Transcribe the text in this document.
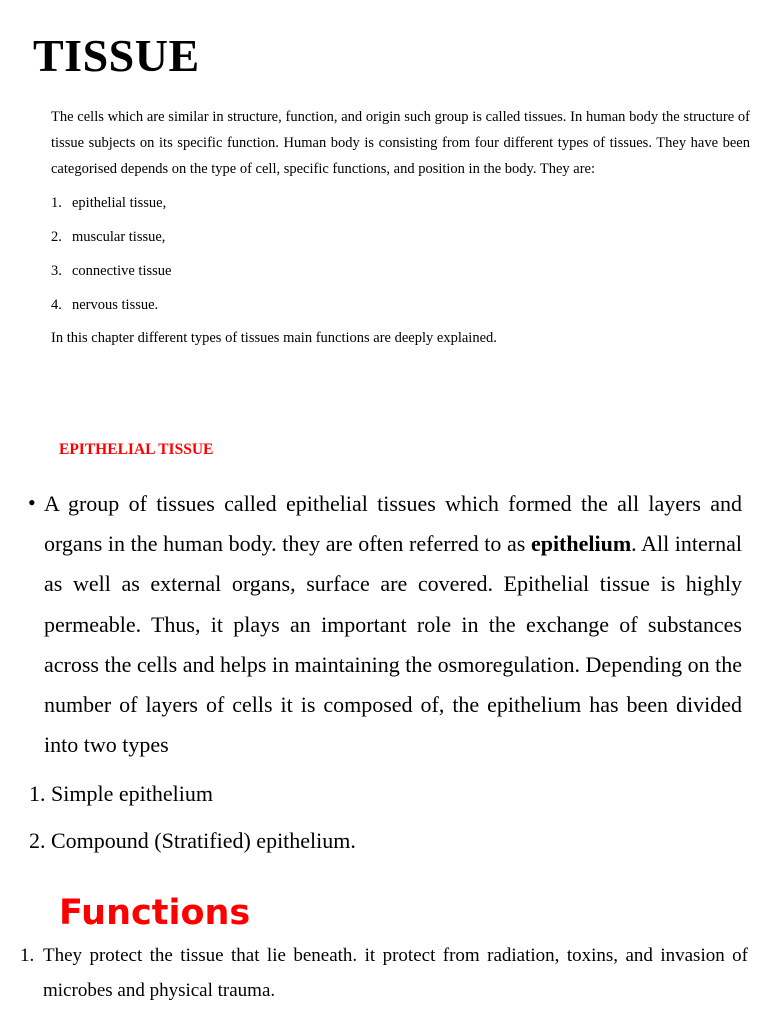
TISSUE

The cells which are similar in structure, function, and origin such group is called tissues. In human body the structure of tissue subjects on its specific function. Human body is consisting from four different types of tissues. They have been categorised depends on the type of cell, specific functions, and position in the body. They are:

1. epithelial tissue,
2. muscular tissue,
3. connective tissue
4. nervous tissue.

In this chapter different types of tissues main functions are deeply explained.

EPITHELIAL TISSUE
• A group of tissues called epithelial tissues which formed the all layers and organs in the human body. they are often referred to as epithelium. All internal as well as external organs, surface are covered. Epithelial tissue is highly permeable. Thus, it plays an important role in the exchange of substances across the cells and helps in maintaining the osmoregulation. Depending on the number of layers of cells it is composed of, the epithelium has been divided into two types

1. Simple epithelium
2. Compound (Stratified) epithelium.
Functions
1. They protect the tissue that lie beneath. it protect from radiation, toxins, and invasion of microbes and physical trauma.
